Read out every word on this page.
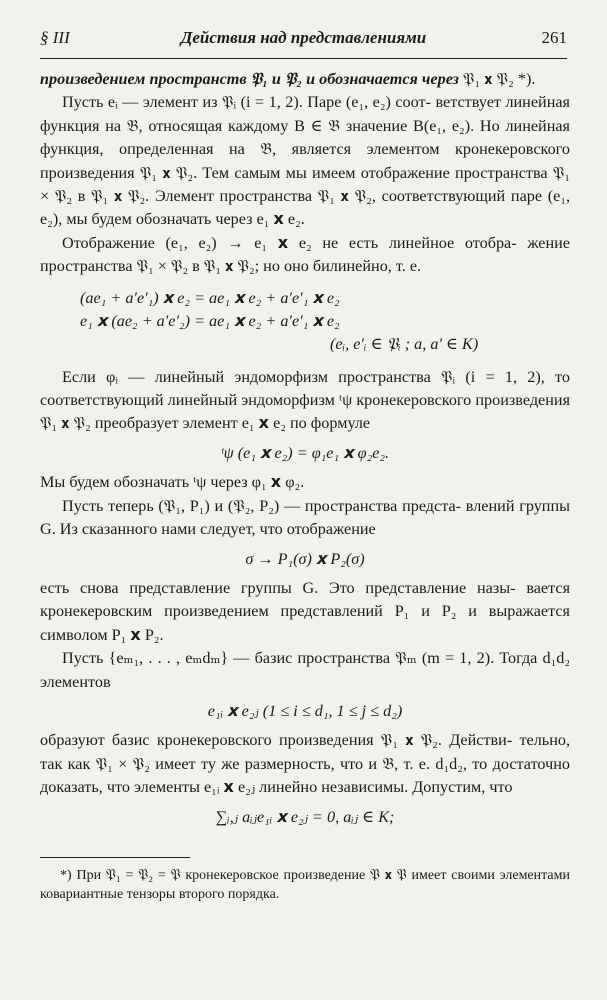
§ III	Действия над представлениями	261

произведением пространств 𝔓₁ и 𝔓₂ и обозначается через 𝔓₁ 𝘅 𝔓₂ *).

Пусть eᵢ — элемент из 𝔓ᵢ (i = 1, 2). Паре (e₁, e₂) соот- ветствует линейная функция на 𝔅, относящая каждому B ∈ 𝔅 значение B(e₁, e₂). Но линейная функция, определенная на 𝔅, является элементом кронекеровского произведения 𝔓₁ 𝘅 𝔓₂. Тем самым мы имеем отображение пространства 𝔓₁ × 𝔓₂ в 𝔓₁ 𝘅 𝔓₂. Элемент пространства 𝔓₁ 𝘅 𝔓₂, соответствующий паре (e₁, e₂), мы будем обозначать через e₁ 𝘅 e₂.

Отображение (e₁, e₂) → e₁ 𝘅 e₂ не есть линейное отобра- жение пространства 𝔓₁ × 𝔓₂ в 𝔓₁ 𝘅 𝔓₂; но оно билинейно, т. е.

(ae₁ + a′e′₁) 𝘅 e₂ = ae₁ 𝘅 e₂ + a′e′₁ 𝘅 e₂
e₁ 𝘅 (ae₂ + a′e′₂) = ae₁ 𝘅 e₂ + a′e′₁ 𝘅 e₂
(eᵢ, e′ᵢ ∈ 𝔓ᵢ ; a, a′ ∈ K)

Если φᵢ — линейный эндоморфизм пространства 𝔓ᵢ (i = 1, 2), то соответствующий линейный эндоморфизм ᵗψ кронекеровского произведения 𝔓₁ 𝘅 𝔓₂ преобразует элемент e₁ 𝘅 e₂ по формуле

ᵗψ (e₁ 𝘅 e₂) = φ₁e₁ 𝘅 φ₂e₂.

Мы будем обозначать ᵗψ через φ₁ 𝘅 φ₂.

Пусть теперь (𝔓₁, P₁) и (𝔓₂, P₂) — пространства предста- влений группы G. Из сказанного нами следует, что отображение

σ → P₁(σ) 𝘅 P₂(σ)

есть снова представление группы G. Это представление назы- вается кронекеровским произведением представлений P₁ и P₂ и выражается символом P₁ 𝘅 P₂.

Пусть {eₘ₁, . . . , eₘdₘ} — базис пространства 𝔓ₘ (m = 1, 2). Тогда d₁d₂ элементов

e₁ᵢ 𝘅 e₂ⱼ (1 ≤ i ≤ d₁, 1 ≤ j ≤ d₂)

образуют базис кронекеровского произведения 𝔓₁ 𝘅 𝔓₂. Действи- тельно, так как 𝔓₁ × 𝔓₂ имеет ту же размерность, что и 𝔅, т. е. d₁d₂, то достаточно доказать, что элементы e₁ᵢ 𝘅 e₂ⱼ линейно независимы. Допустим, что

∑ᵢ,ⱼ aᵢⱼe₁ᵢ 𝘅 e₂ⱼ = 0, aᵢⱼ ∈ K;
*) При 𝔓₁ = 𝔓₂ = 𝔓 кронекеровское произведение 𝔓 𝘅 𝔓 имеет своими элементами ковариантные тензоры второго порядка.
